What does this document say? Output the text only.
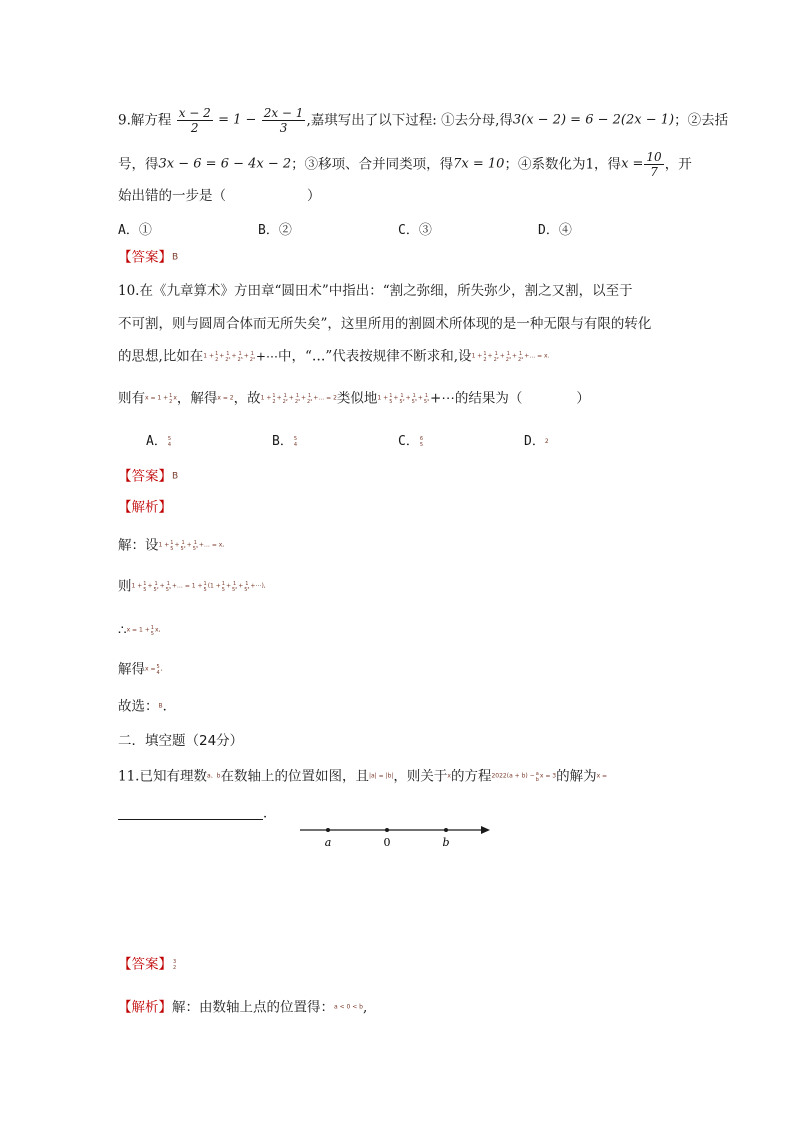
9.解方程 $\frac{x - 2}{2} = 1 - \frac{2x - 1}{3}$ ,嘉琪写出了以下过程: ①去分母,得3(x − 2) = 6 − 2(2x − 1)；②去括
号，得3x − 6 = 6 − 4x − 2；③移项、合并同类项，得7x = 10；④系数化为1，得$x = \frac{10}{7}$ ，开
始出错的一步是（　　　　　　）
A．①	B．②	C．③	D．④
【答案】B
10.在《九章算术》方田章“圆田术”中指出：“割之弥细，所失弥少，割之又割，以至于
不可割，则与圆周合体而无所失矣”，这里所用的割圆术所体现的是一种无限与有限的转化
的思想,比如在1 + 1
2 + 1
2² + 1
2³ + 1
2⁴ +⋯中，“…”代表按规律不断求和,设1 + 1
2 + 1
2² + 1
2³ + 1
2⁴ +… = x.
则有x = 1 + 1
2 x，解得x = 2，故1 + 1
2 + 1
2² + 1
2³ + 1
2⁴ +… = 2类似地1 + 1
5 + 1
5² + 1
5³ + 1
5⁴ +⋯的结果为（　　　　）
A． 5
4	B． 5
4	C． 6
5	D．2
【答案】B
【解析】
解：设1 + 1
5 + 1
5² + 1
5³ +… = x,
则1 + 1
5 + 1
5² + 1
5³ +… = 1 + 1
5 (1 + 1
5 + 1
5² + 1
5³ +⋯),
∴x = 1 + 1
5 x,
解得x = 5
4 ,
故选：B．
二．填空题（24分）
11.已知有理数a、b在数轴上的位置如图，且|a| = |b|，则关于x的方程2022(a + b) − a
b x = 3的解为x =
．
a	0	b
【答案】 3
2
【解析】解：由数轴上点的位置得：a < 0 < b,
